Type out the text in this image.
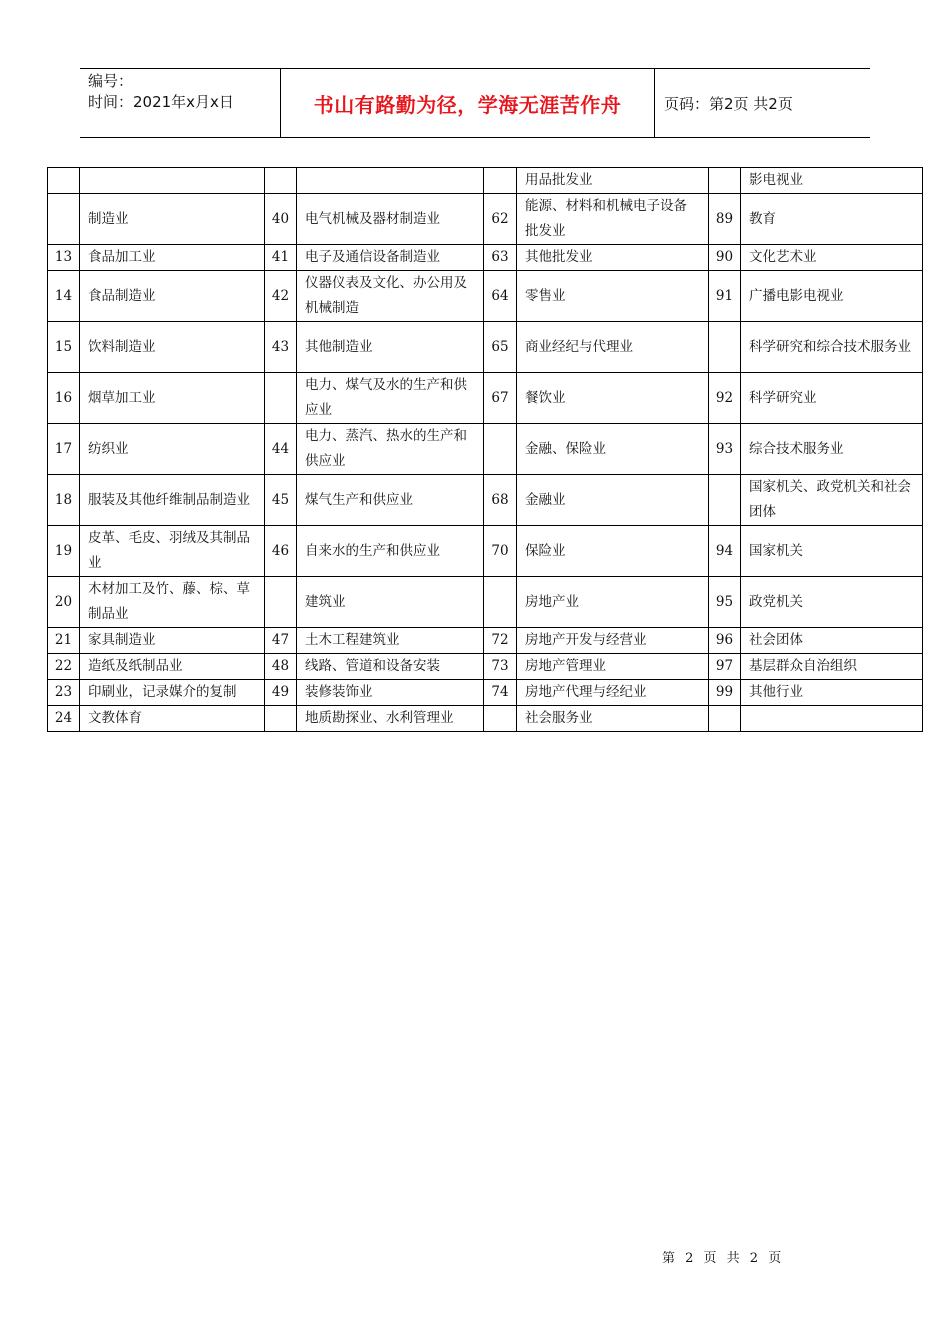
编号：
时间：2021年x月x日	书山有路勤为径，学海无涯苦作舟	页码：第2页 共2页
					用品批发业		影电视业
	制造业	40	电气机械及器材制造业	62	能源、材料和机械电子设备批发业	89	教育
13	食品加工业	41	电子及通信设备制造业	63	其他批发业	90	文化艺术业
14	食品制造业	42	仪器仪表及文化、办公用及机械制造	64	零售业	91	广播电影电视业
15	饮料制造业	43	其他制造业	65	商业经纪与代理业		科学研究和综合技术服务业
16	烟草加工业		电力、煤气及水的生产和供应业	67	餐饮业	92	科学研究业
17	纺织业	44	电力、蒸汽、热水的生产和供应业		金融、保险业	93	综合技术服务业
18	服装及其他纤维制品制造业	45	煤气生产和供应业	68	金融业		国家机关、政党机关和社会团体
19	皮革、毛皮、羽绒及其制品业	46	自来水的生产和供应业	70	保险业	94	国家机关
20	木材加工及竹、藤、棕、草制品业		建筑业		房地产业	95	政党机关
21	家具制造业	47	土木工程建筑业	72	房地产开发与经营业	96	社会团体
22	造纸及纸制品业	48	线路、管道和设备安装	73	房地产管理业	97	基层群众自治组织
23	印刷业，记录媒介的复制	49	装修装饰业	74	房地产代理与经纪业	99	其他行业
24	文教体育		地质勘探业、水利管理业		社会服务业		
第 2 页 共 2 页
